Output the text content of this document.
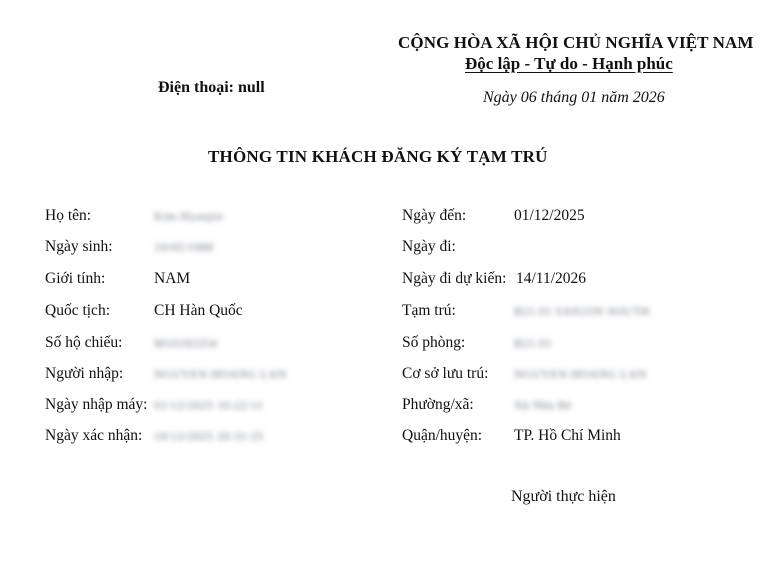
CỘNG HÒA XÃ HỘI CHỦ NGHĨA VIỆT NAM
Độc lập - Tự do - Hạnh phúc
Điện thoại: null
Ngày 06 tháng 01 năm 2026
THÔNG TIN KHÁCH ĐĂNG KÝ TẠM TRÚ
Họ tên:
Ngày sinh:
Giới tính:
Quốc tịch:
Số hộ chiếu:
Người nhập:
Ngày nhập máy:
Ngày xác nhận:
Kim Hyunjin
19/05/1988
NAM
CH Hàn Quốc
M10182254
NGUYEN HOANG LAN
01/12/2025 10:22:11
19/12/2025 20:31:25
Ngày đến:
Ngày đi:
Ngày đi dự kiến:
Tạm trú:
Số phòng:
Cơ sở lưu trú:
Phường/xã:
Quận/huyện:
01/12/2025
14/11/2026
B21.01 SAIGON SOUTH
B21.01
NGUYEN HOANG LAN
Xã Nhà Bè
TP. Hồ Chí Minh
Người thực hiện
